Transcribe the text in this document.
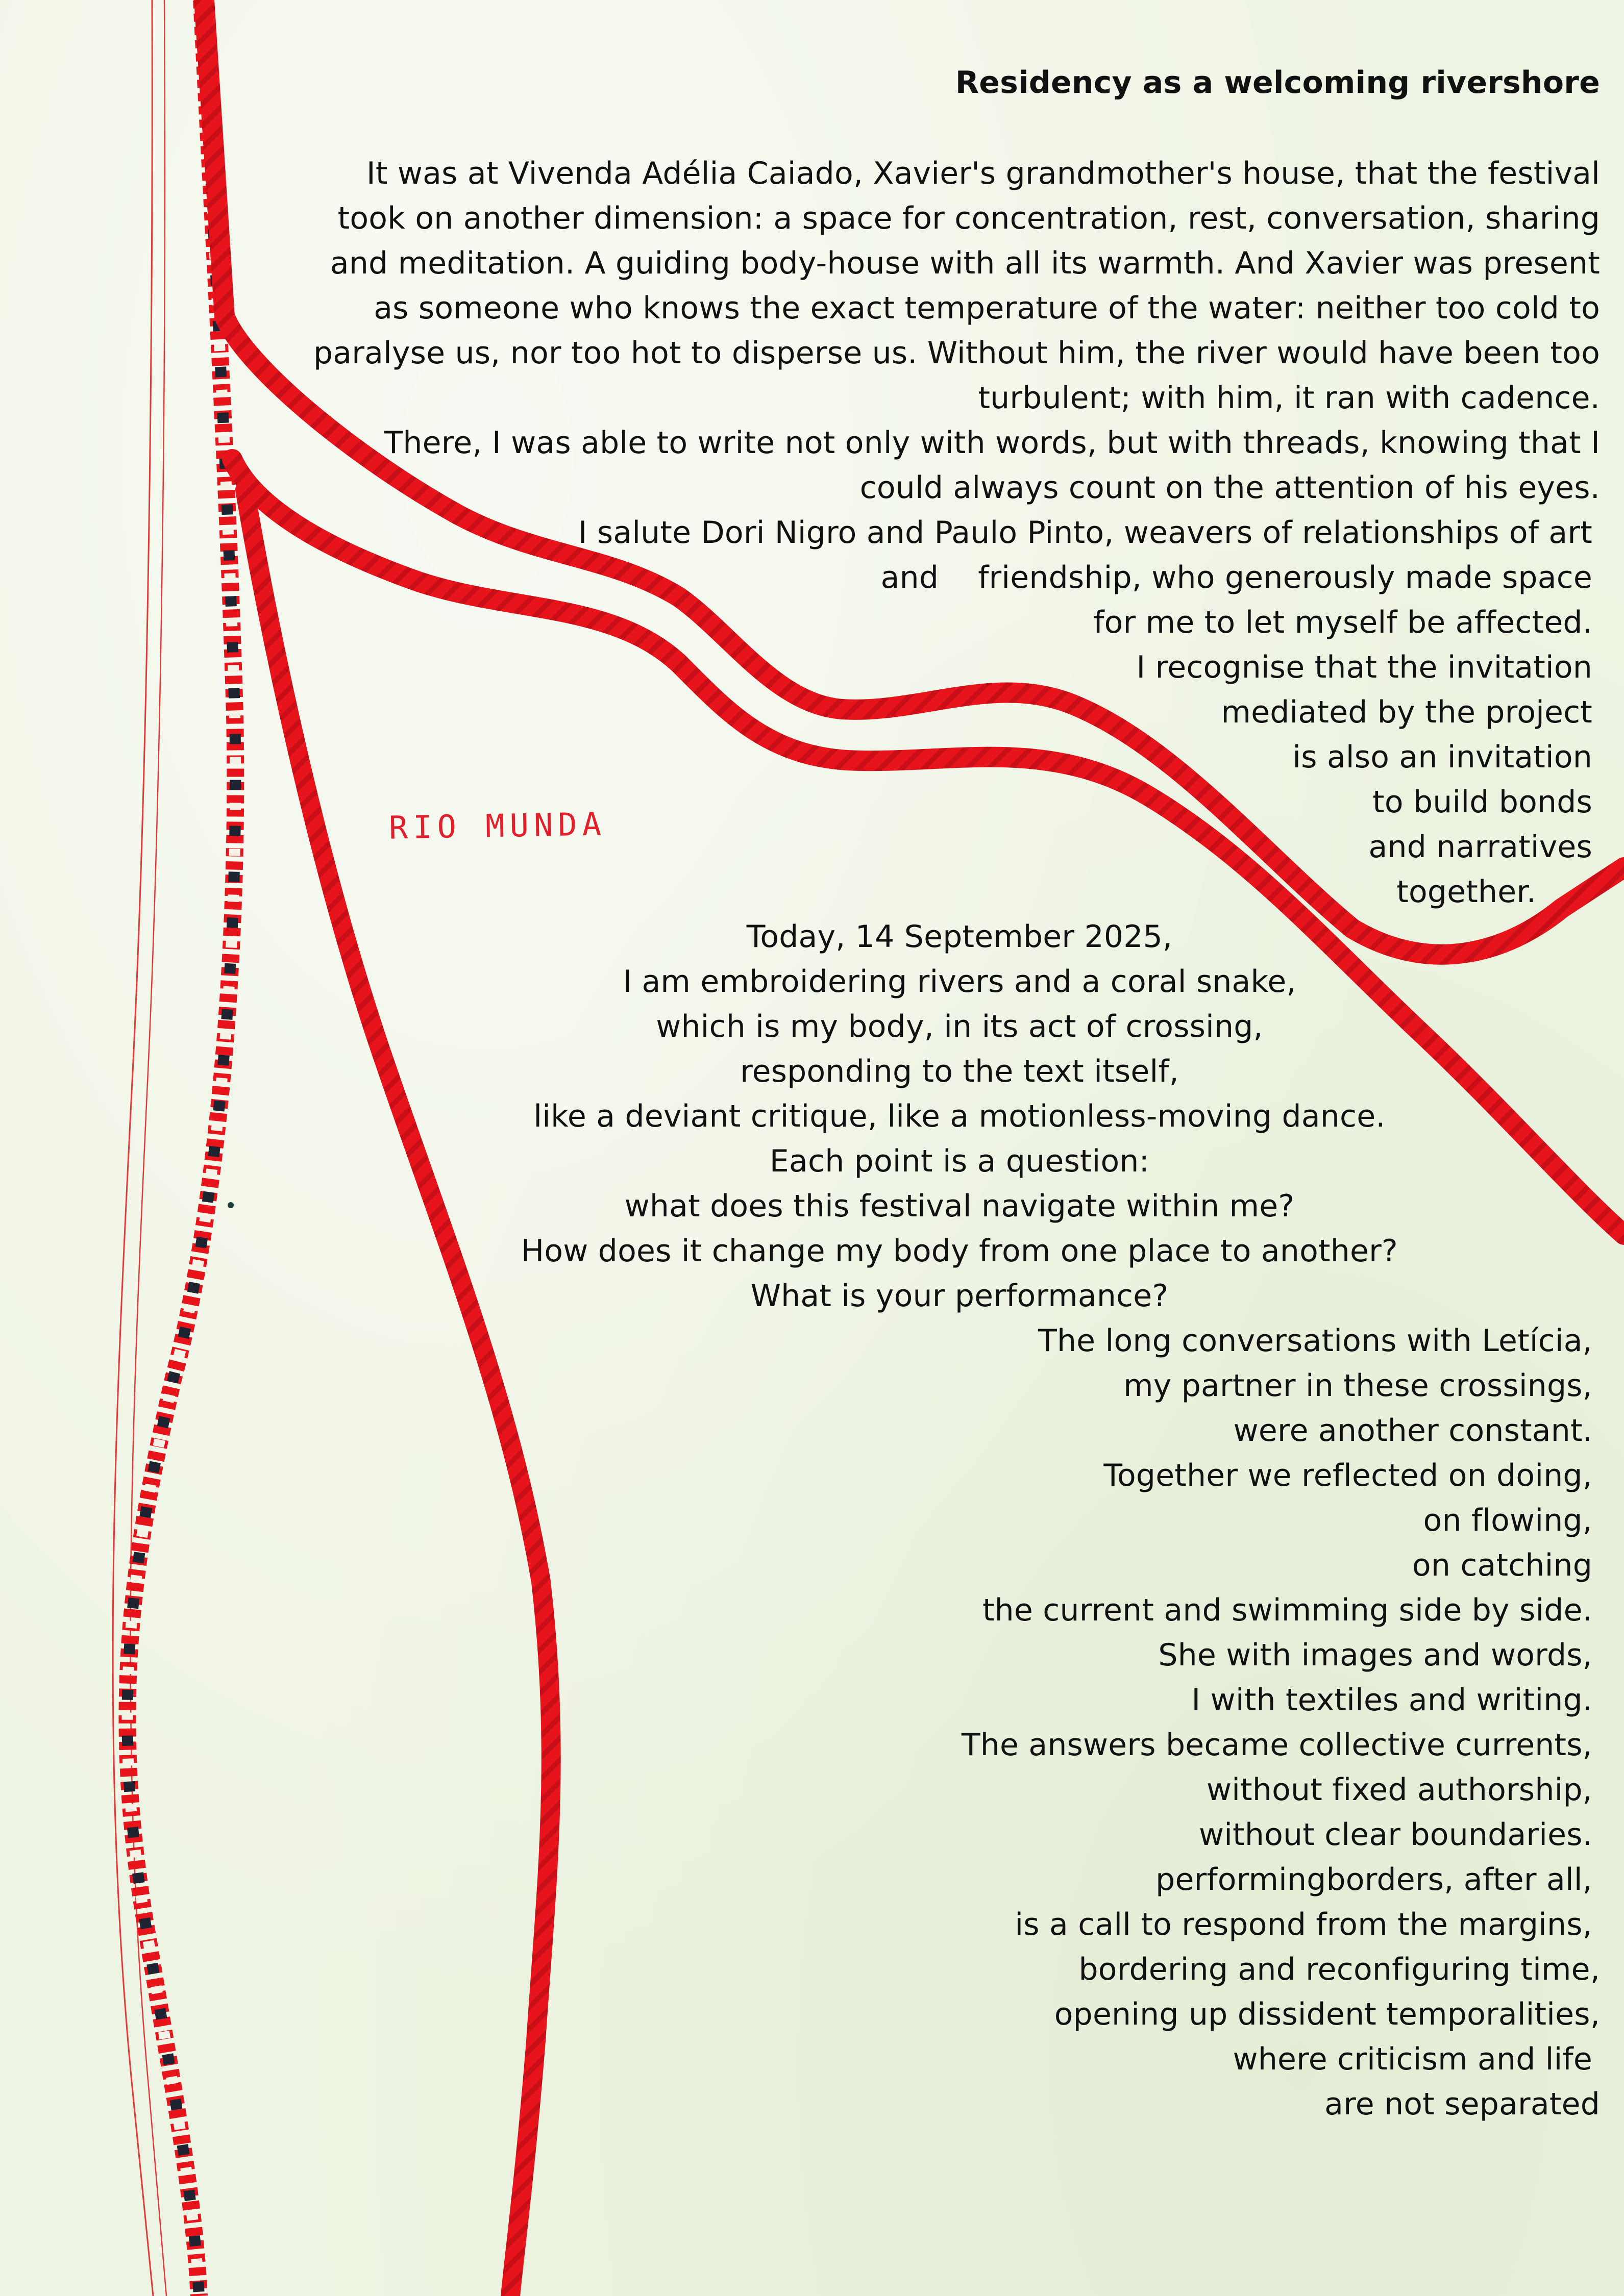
RIO MUNDA
Residency as a welcoming rivershore
It was at Vivenda Adélia Caiado, Xavier's grandmother's house, that the festival
took on another dimension: a space for concentration, rest, conversation, sharing
and meditation. A guiding body-house with all its warmth. And Xavier was present
as someone who knows the exact temperature of the water: neither too cold to
paralyse us, nor too hot to disperse us. Without him, the river would have been too
turbulent; with him, it ran with cadence.
There, I was able to write not only with words, but with threads, knowing that I
could always count on the attention of his eyes.
I salute Dori Nigro and Paulo Pinto, weavers of relationships of art
and    friendship, who generously made space
for me to let myself be affected.
I recognise that the invitation
mediated by the project
is also an invitation
to build bonds
and narratives
together.
Today, 14 September 2025,
I am embroidering rivers and a coral snake,
which is my body, in its act of crossing,
responding to the text itself,
like a deviant critique, like a motionless-moving dance.
Each point is a question:
what does this festival navigate within me?
How does it change my body from one place to another?
What is your performance?
The long conversations with Letícia,
my partner in these crossings,
were another constant.
Together we reflected on doing,
on flowing,
on catching
the current and swimming side by side.
She with images and words,
I with textiles and writing.
The answers became collective currents,
without fixed authorship,
without clear boundaries.
performingborders, after all,
is a call to respond from the margins,
bordering and reconfiguring time,
opening up dissident temporalities,
where criticism and life
are not separated
